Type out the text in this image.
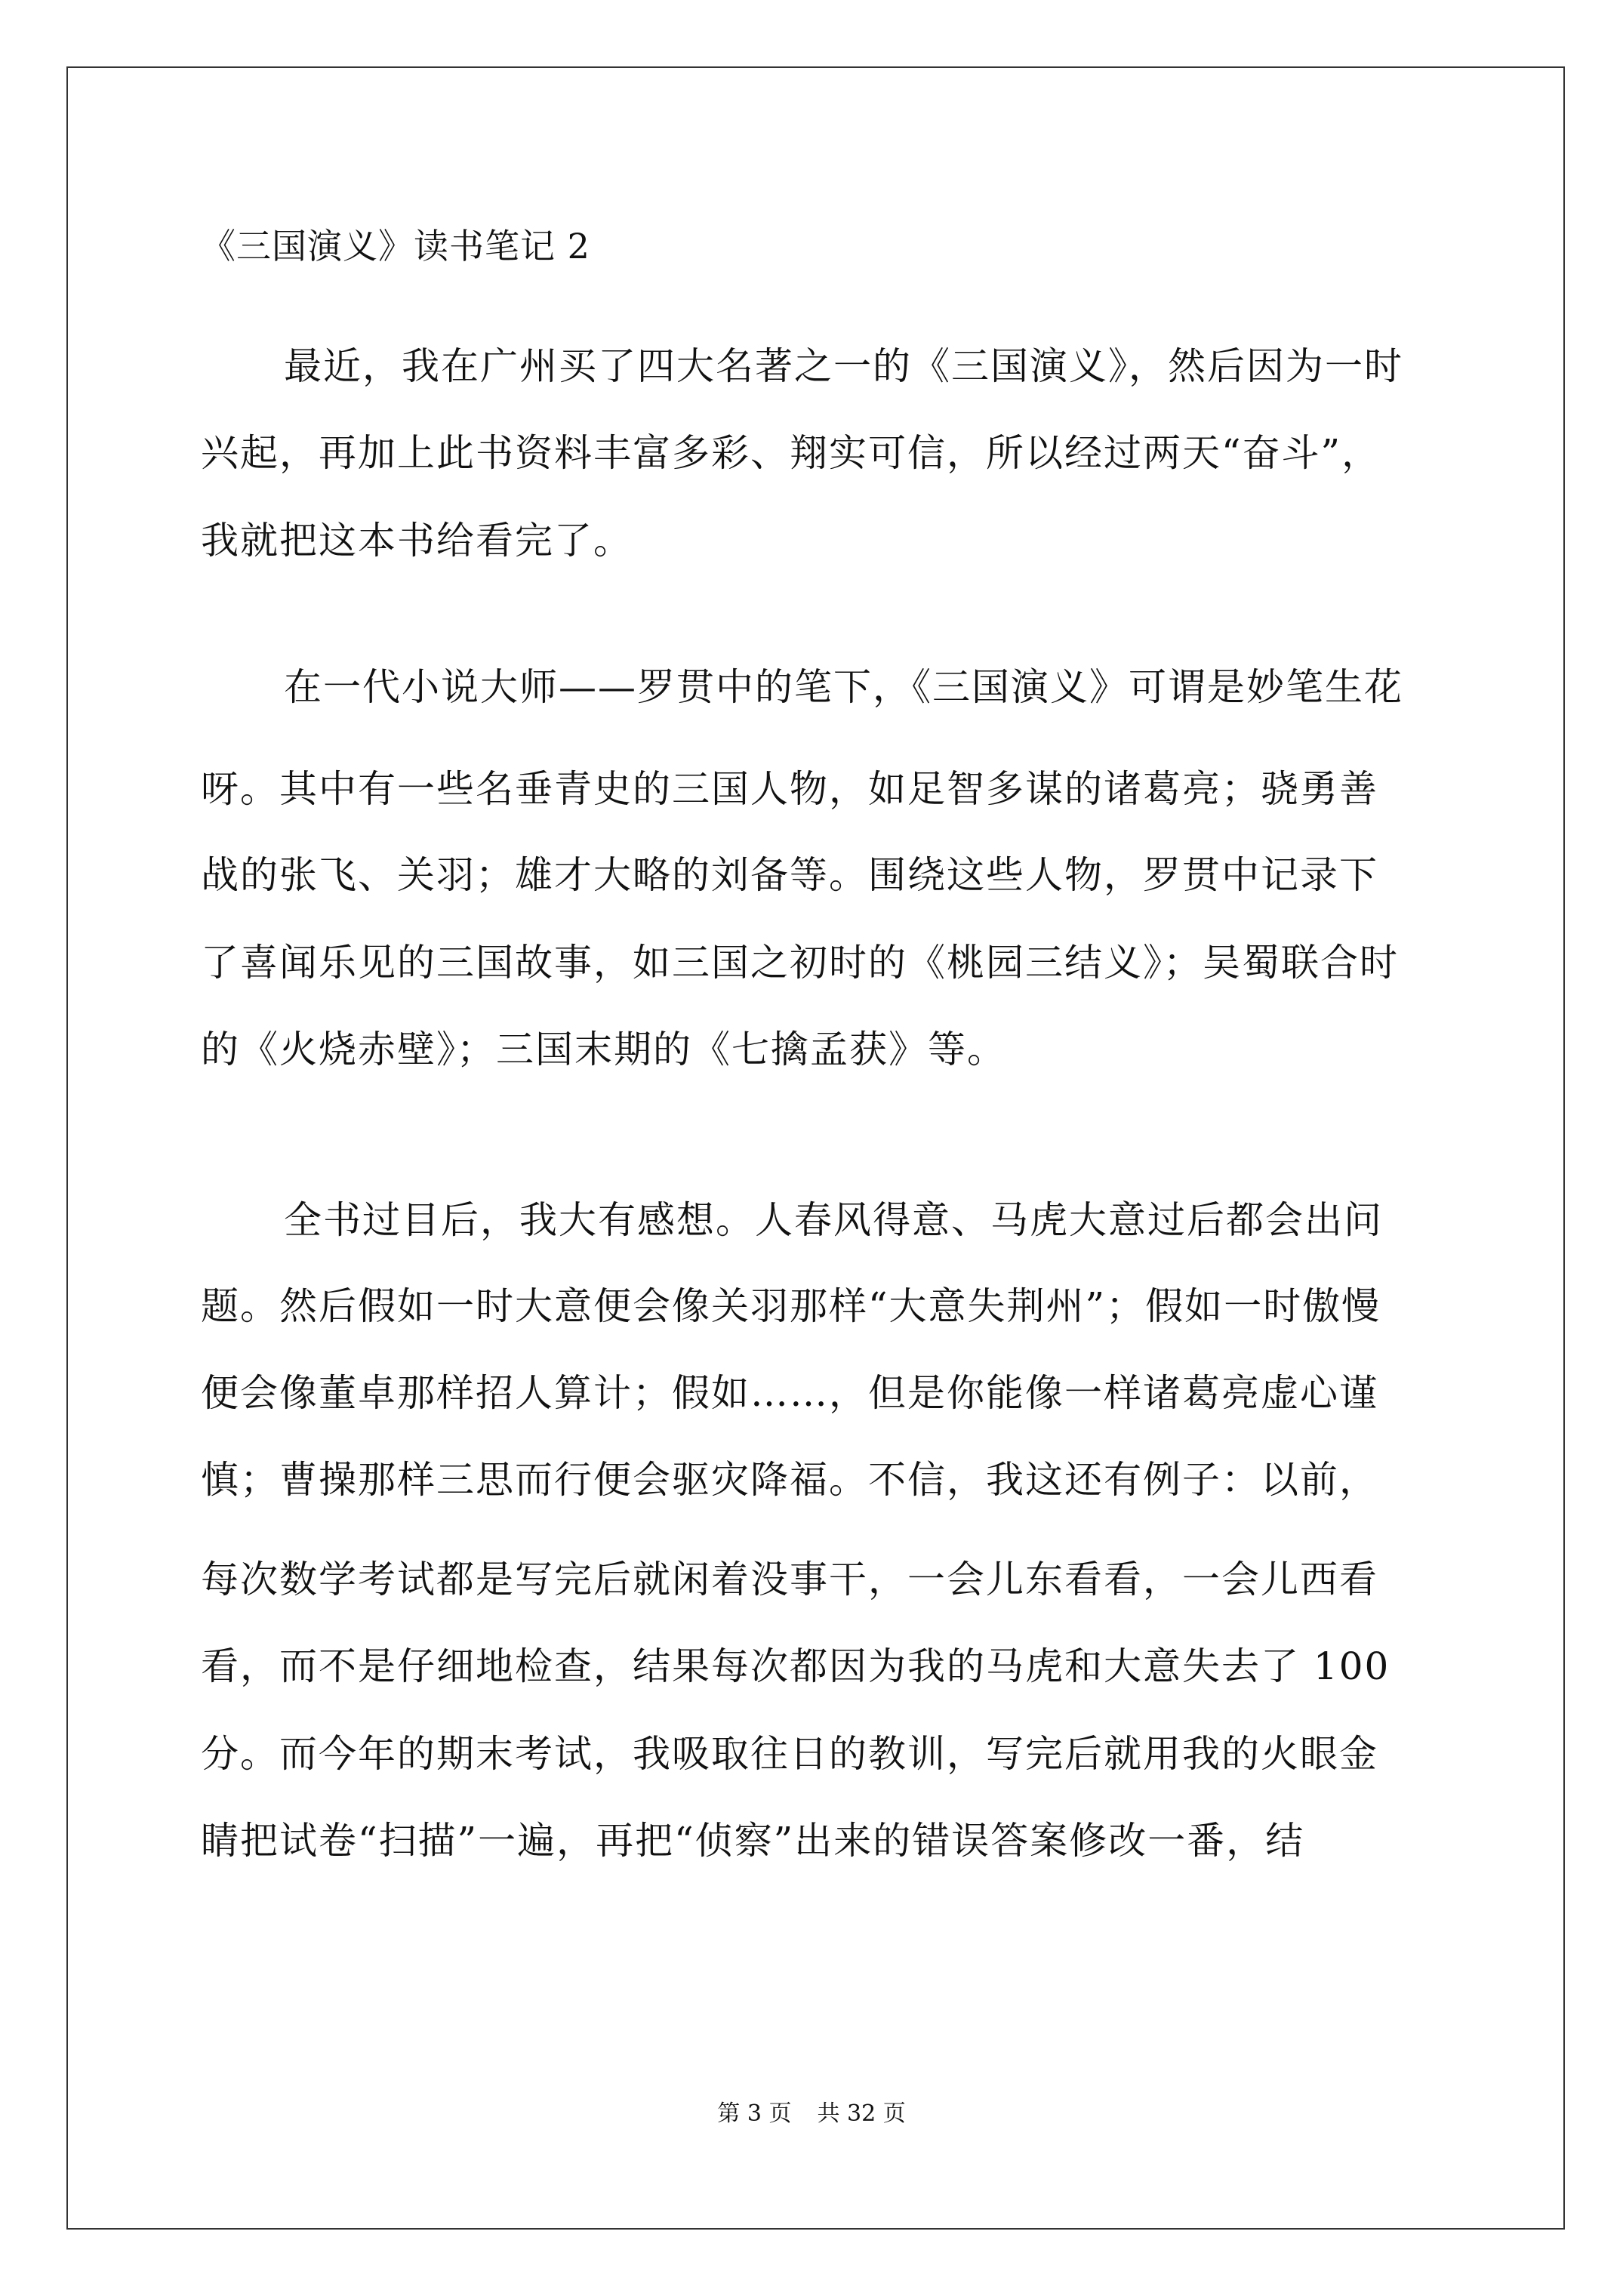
《三国演义》读书笔记 2
最近，我在广州买了四大名著之一的《三国演义》，然后因为一时
兴起，再加上此书资料丰富多彩、翔实可信，所以经过两天“奋斗”，
我就把这本书给看完了。
在一代小说大师——罗贯中的笔下，《三国演义》可谓是妙笔生花
呀。其中有一些名垂青史的三国人物，如足智多谋的诸葛亮；骁勇善
战的张飞、关羽；雄才大略的刘备等。围绕这些人物，罗贯中记录下
了喜闻乐见的三国故事，如三国之初时的《桃园三结义》；吴蜀联合时
的《火烧赤壁》；三国末期的《七擒孟获》等。
全书过目后，我大有感想。人春风得意、马虎大意过后都会出问
题。然后假如一时大意便会像关羽那样“大意失荆州”；假如一时傲慢
便会像董卓那样招人算计；假如……，但是你能像一样诸葛亮虚心谨
慎；曹操那样三思而行便会驱灾降福。不信，我这还有例子：以前，
每次数学考试都是写完后就闲着没事干，一会儿东看看，一会儿西看
看，而不是仔细地检查，结果每次都因为我的马虎和大意失去了 100
分。而今年的期末考试，我吸取往日的教训，写完后就用我的火眼金
睛把试卷“扫描”一遍，再把“侦察”出来的错误答案修改一番，结
第 3 页 共 32 页
